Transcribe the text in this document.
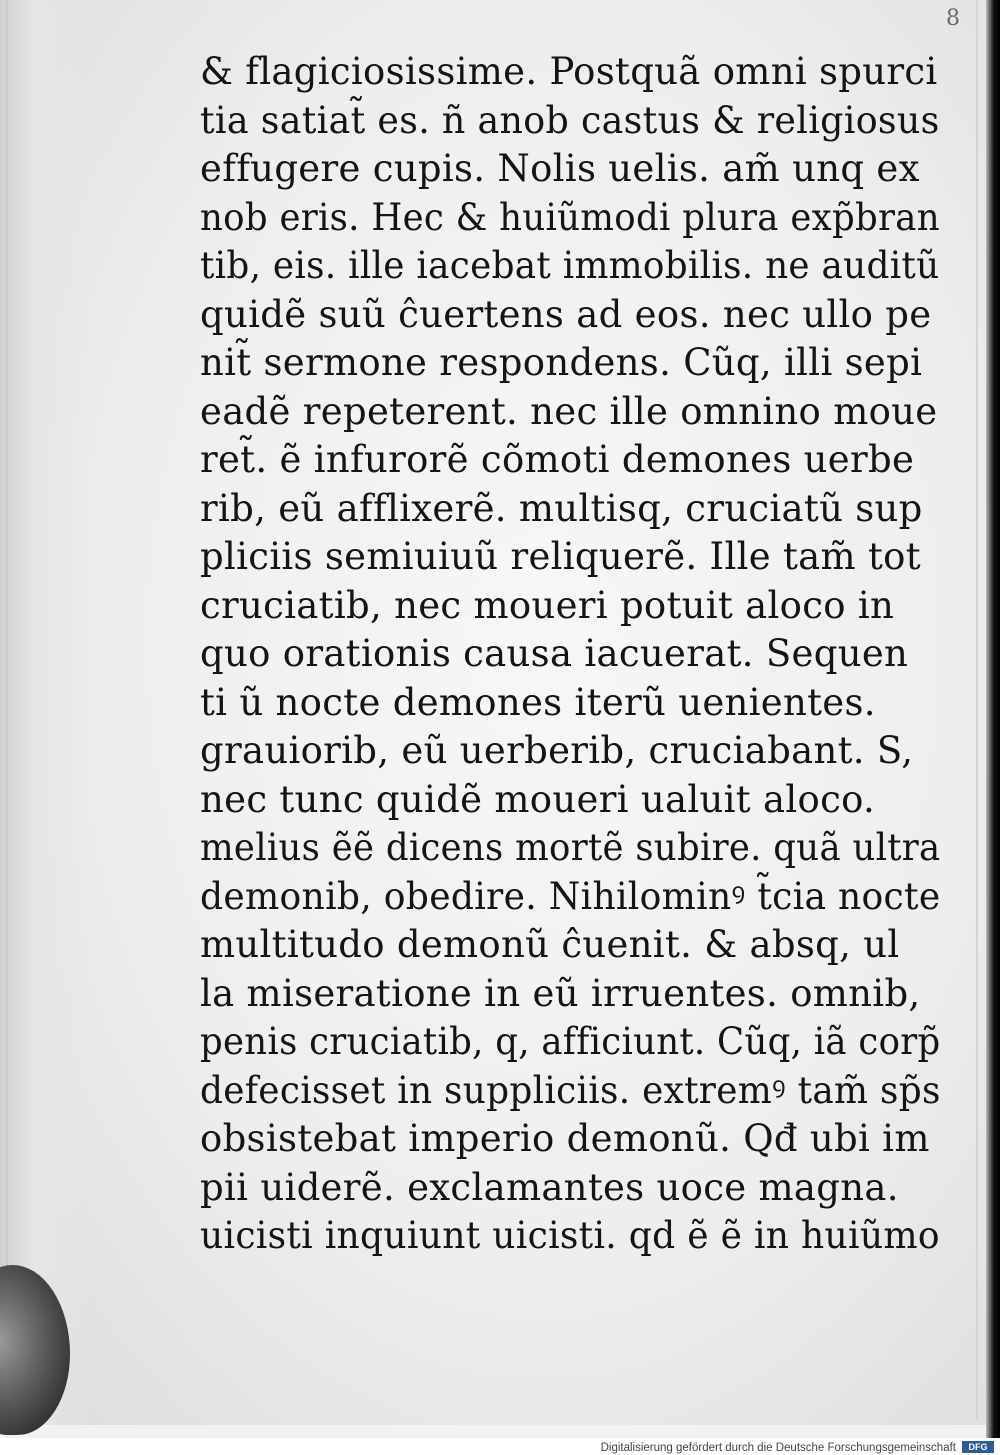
8
& flagiciosissime. Postquã omni spurci
tia satiat̃ es. ñ anob castus & religiosus
effugere cupis. Nolis uelis. am̃ unq ex
nob eris. Hec & huiũmodi plura exp̃bran
tib, eis. ille iacebat immobilis. ne auditũ
quidẽ suũ ĉuertens ad eos. nec ullo pe
nit̃ sermone respondens. Cũq, illi sepi
eadẽ repeterent. nec ille omnino moue
ret̃. ẽ infurorẽ cõmoti demones uerbe
rib, eũ afflixerẽ. multisq, cruciatũ sup
pliciis semiuiuũ reliquerẽ. Ille tam̃ tot
cruciatib, nec moueri potuit aloco in
quo orationis causa iacuerat. Sequen
ti ũ nocte demones iterũ uenientes.
grauiorib, eũ uerberib, cruciabant. S,
nec tunc quidẽ moueri ualuit aloco.
melius ẽẽ dicens mortẽ subire. quã ultra
demonib, obedire. Nihilominꝰ t̃cia nocte
multitudo demonũ ĉuenit. & absq, ul
la miseratione in eũ irruentes. omnib,
penis cruciatib, q, afficiunt. Cũq, iã corp̃
defecisset in suppliciis. extremꝰ tam̃ sp̃s
obsistebat imperio demonũ. Qđ ubi im
pii uiderẽ. exclamantes uoce magna.
uicisti inquiunt uicisti. qd ẽ ẽ in huiũmo
Digitalisierung gefördert durch die Deutsche Forschungsgemeinschaft	DFG
